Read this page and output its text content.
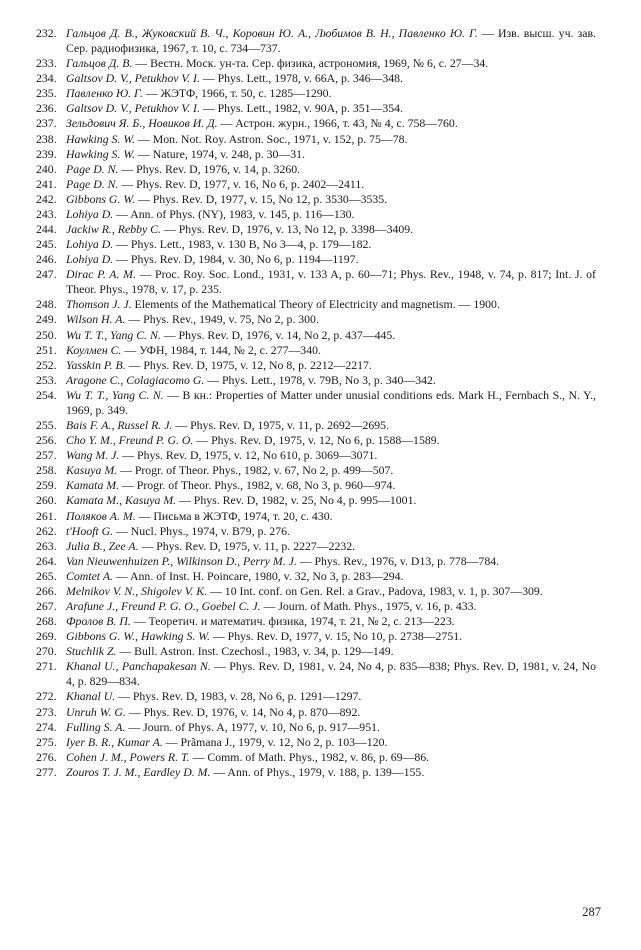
232. Гальцов Д. В., Жуковский В. Ч., Коровин Ю. А., Любимов В. Н., Павленко Ю. Г. — Изв. высш. уч. зав. Сер. радиофизика, 1967, т. 10, с. 734—737.
233. Гальцов Д. В. — Вестн. Моск. ун-та. Сер. физика, астрономия, 1969, № 6, с. 27—34.
234. Galtsov D. V., Petukhov V. I. — Phys. Lett., 1978, v. 66A, p. 346—348.
235. Павленко Ю. Г. — ЖЭТФ, 1966, т. 50, с. 1285—1290.
236. Galtsov D. V., Petukhov V. I. — Phys. Lett., 1982, v. 90A, p. 351—354.
237. Зельдович Я. Б., Новиков И. Д. — Астрон. журн., 1966, т. 43, № 4, с. 758—760.
238. Hawking S. W. — Mon. Not. Roy. Astron. Soc., 1971, v. 152, p. 75—78.
239. Hawking S. W. — Nature, 1974, v. 248, p. 30—31.
240. Page D. N. — Phys. Rev. D, 1976, v. 14, p. 3260.
241. Page D. N. — Phys. Rev. D, 1977, v. 16, No 6, p. 2402—2411.
242. Gibbons G. W. — Phys. Rev. D, 1977, v. 15, No 12, p. 3530—3535.
243. Lohiya D. — Ann. of Phys. (NY), 1983, v. 145, p. 116—130.
244. Jackiw R., Rebby C. — Phys. Rev. D, 1976, v. 13, No 12, p. 3398—3409.
245. Lohiya D. — Phys. Lett., 1983, v. 130 B, No 3—4, p. 179—182.
246. Lohiya D. — Phys. Rev. D, 1984, v. 30, No 6, p. 1194—1197.
247. Dirac P. A. M. — Proc. Roy. Soc. Lond., 1931, v. 133 A, p. 60—71; Phys. Rev., 1948, v. 74, p. 817; Int. J. of Theor. Phys., 1978, v. 17, p. 235.
248. Thomson J. J. Elements of the Mathematical Theory of Electricity and magnetism. — 1900.
249. Wilson H. A. — Phys. Rev., 1949, v. 75, No 2, p. 300.
250. Wu T. T., Yang C. N. — Phys. Rev. D, 1976, v. 14, No 2, p. 437—445.
251. Коулмен С. — УФН, 1984, т. 144, № 2, с. 277—340.
252. Yasskin P. B. — Phys. Rev. D, 1975, v. 12, No 8, p. 2212—2217.
253. Aragone C., Colagiacomo G. — Phys. Lett., 1978, v. 79B, No 3, p. 340—342.
254. Wu T. T., Yang C. N. — В кн.: Properties of Matter under unusial conditions eds. Mark H., Fernbach S., N. Y., 1969, p. 349.
255. Bais F. A., Russel R. J. — Phys. Rev. D, 1975, v. 11, p. 2692—2695.
256. Cho Y. M., Freund P. G. O. — Phys. Rev. D, 1975, v. 12, No 6, p. 1588—1589.
257. Wang M. J. — Phys. Rev. D, 1975, v. 12, No 610, p. 3069—3071.
258. Kasuya M. — Progr. of Theor. Phys., 1982, v. 67, No 2, p. 499—507.
259. Kamata M. — Progr. of Theor. Phys., 1982, v. 68, No 3, p. 960—974.
260. Kamata M., Kasuya M. — Phys. Rev. D, 1982, v. 25, No 4, p. 995—1001.
261. Поляков А. М. — Письма в ЖЭТФ, 1974, т. 20, с. 430.
262. t'Hooft G. — Nucl. Phys., 1974, v. B79, p. 276.
263. Julia B., Zee A. — Phys. Rev. D, 1975, v. 11, p. 2227—2232.
264. Van Nieuwenhuizen P., Wilkinson D., Perry M. J. — Phys. Rev., 1976, v. D13, p. 778—784.
265. Comtet A. — Ann. of Inst. H. Poincare, 1980, v. 32, No 3, p. 283—294.
266. Melnikov V. N., Shigolev V. K. — 10 Int. conf. on Gen. Rel. a Grav., Padova, 1983, v. 1, p. 307—309.
267. Arafune J., Freund P. G. O., Goebel C. J. — Journ. of Math. Phys., 1975, v. 16, p. 433.
268. Фролов В. П. — Теоретич. и математич. физика, 1974, т. 21, № 2, с. 213—223.
269. Gibbons G. W., Hawking S. W. — Phys. Rev. D, 1977, v. 15, No 10, p. 2738—2751.
270. Stuchlik Z. — Bull. Astron. Inst. Czechosl., 1983, v. 34, p. 129—149.
271. Khanal U., Panchapakesan N. — Phys. Rev. D, 1981, v. 24, No 4, p. 835—838; Phys. Rev. D, 1981, v. 24, No 4, p. 829—834.
272. Khanal U. — Phys. Rev. D, 1983, v. 28, No 6, p. 1291—1297.
273. Unruh W. G. — Phys. Rev. D, 1976, v. 14, No 4, p. 870—892.
274. Fulling S. A. — Journ. of Phys. A, 1977, v. 10, No 6, p. 917—951.
275. Iyer B. R., Kumar A. — Prãmana J., 1979, v. 12, No 2, p. 103—120.
276. Cohen J. M., Powers R. T. — Comm. of Math. Phys., 1982, v. 86, p. 69—86.
277. Zouros T. J. M., Eardley D. M. — Ann. of Phys., 1979, v. 188, p. 139—155.
287
